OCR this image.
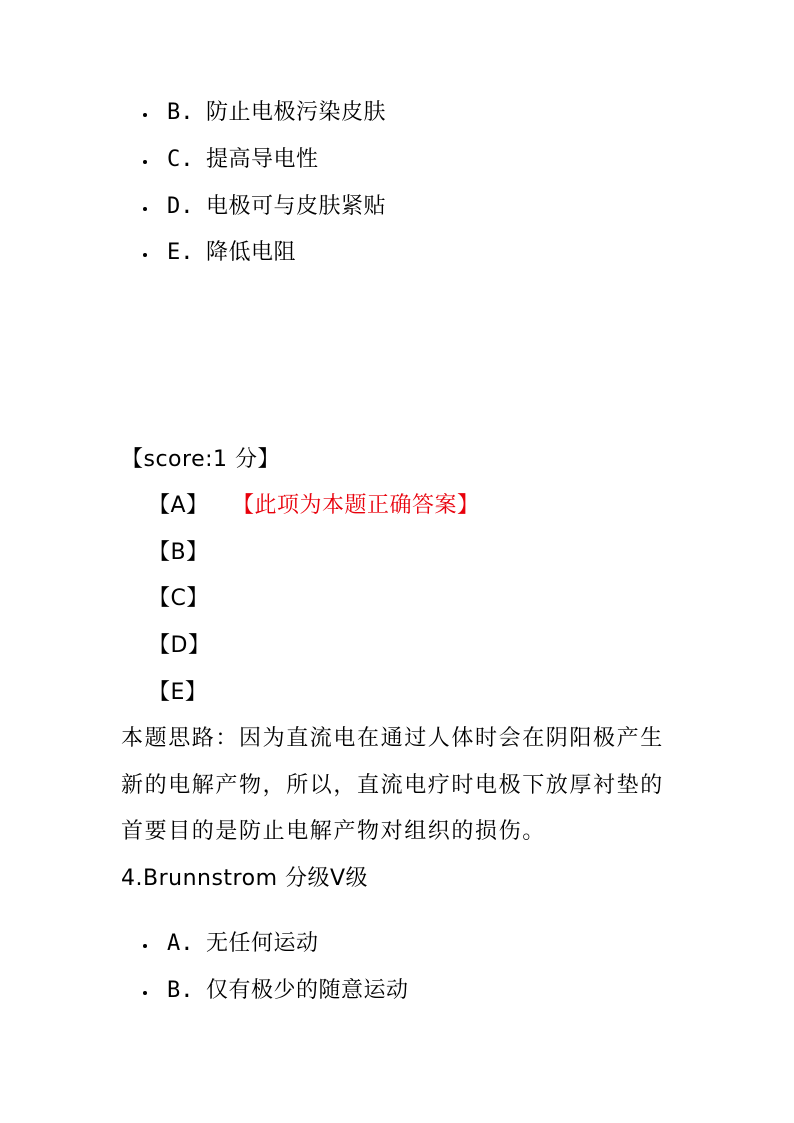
B. 防止电极污染皮肤
C. 提高导电性
D. 电极可与皮肤紧贴
E. 降低电阻
【score:1 分】
【A】 【此项为本题正确答案】
【B】
【C】
【D】
【E】
本题思路：因为直流电在通过人体时会在阴阳极产生
新的电解产物，所以，直流电疗时电极下放厚衬垫的
首要目的是防止电解产物对组织的损伤。
4.Brunnstrom 分级Ⅴ级
A. 无任何运动
B. 仅有极少的随意运动
